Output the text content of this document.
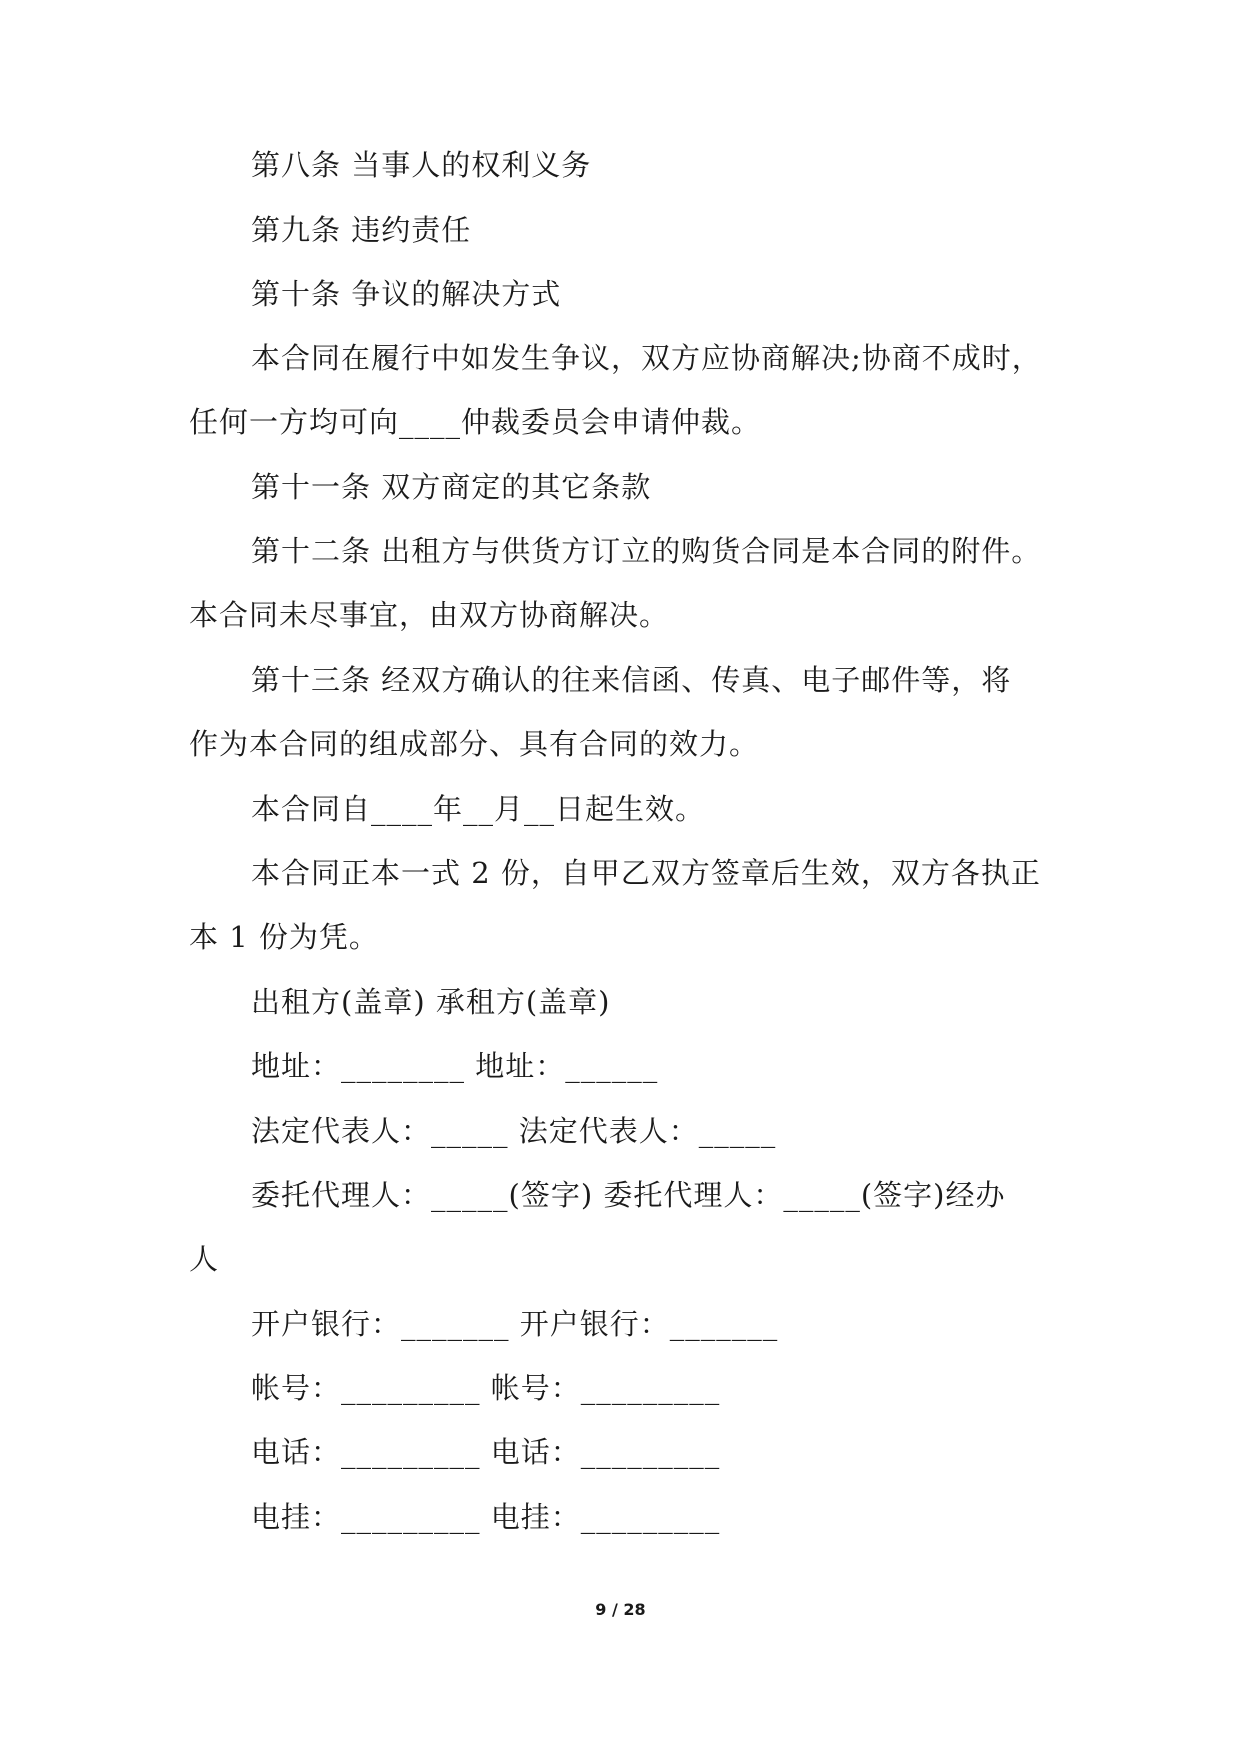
第八条 当事人的权利义务
第九条 违约责任
第十条 争议的解决方式
本合同在履行中如发生争议，双方应协商解决;协商不成时，
任何一方均可向____仲裁委员会申请仲裁。
第十一条 双方商定的其它条款
第十二条 出租方与供货方订立的购货合同是本合同的附件。
本合同未尽事宜，由双方协商解决。
第十三条 经双方确认的往来信函、传真、电子邮件等，将
作为本合同的组成部分、具有合同的效力。
本合同自____年__月__日起生效。
本合同正本一式 2 份，自甲乙双方签章后生效，双方各执正
本 1 份为凭。
出租方(盖章) 承租方(盖章)
地址：________ 地址：______
法定代表人：_____ 法定代表人：_____
委托代理人：_____(签字) 委托代理人：_____(签字)经办
人
开户银行：_______ 开户银行：_______
帐号：_________ 帐号：_________
电话：_________ 电话：_________
电挂：_________ 电挂：_________
9 / 28
